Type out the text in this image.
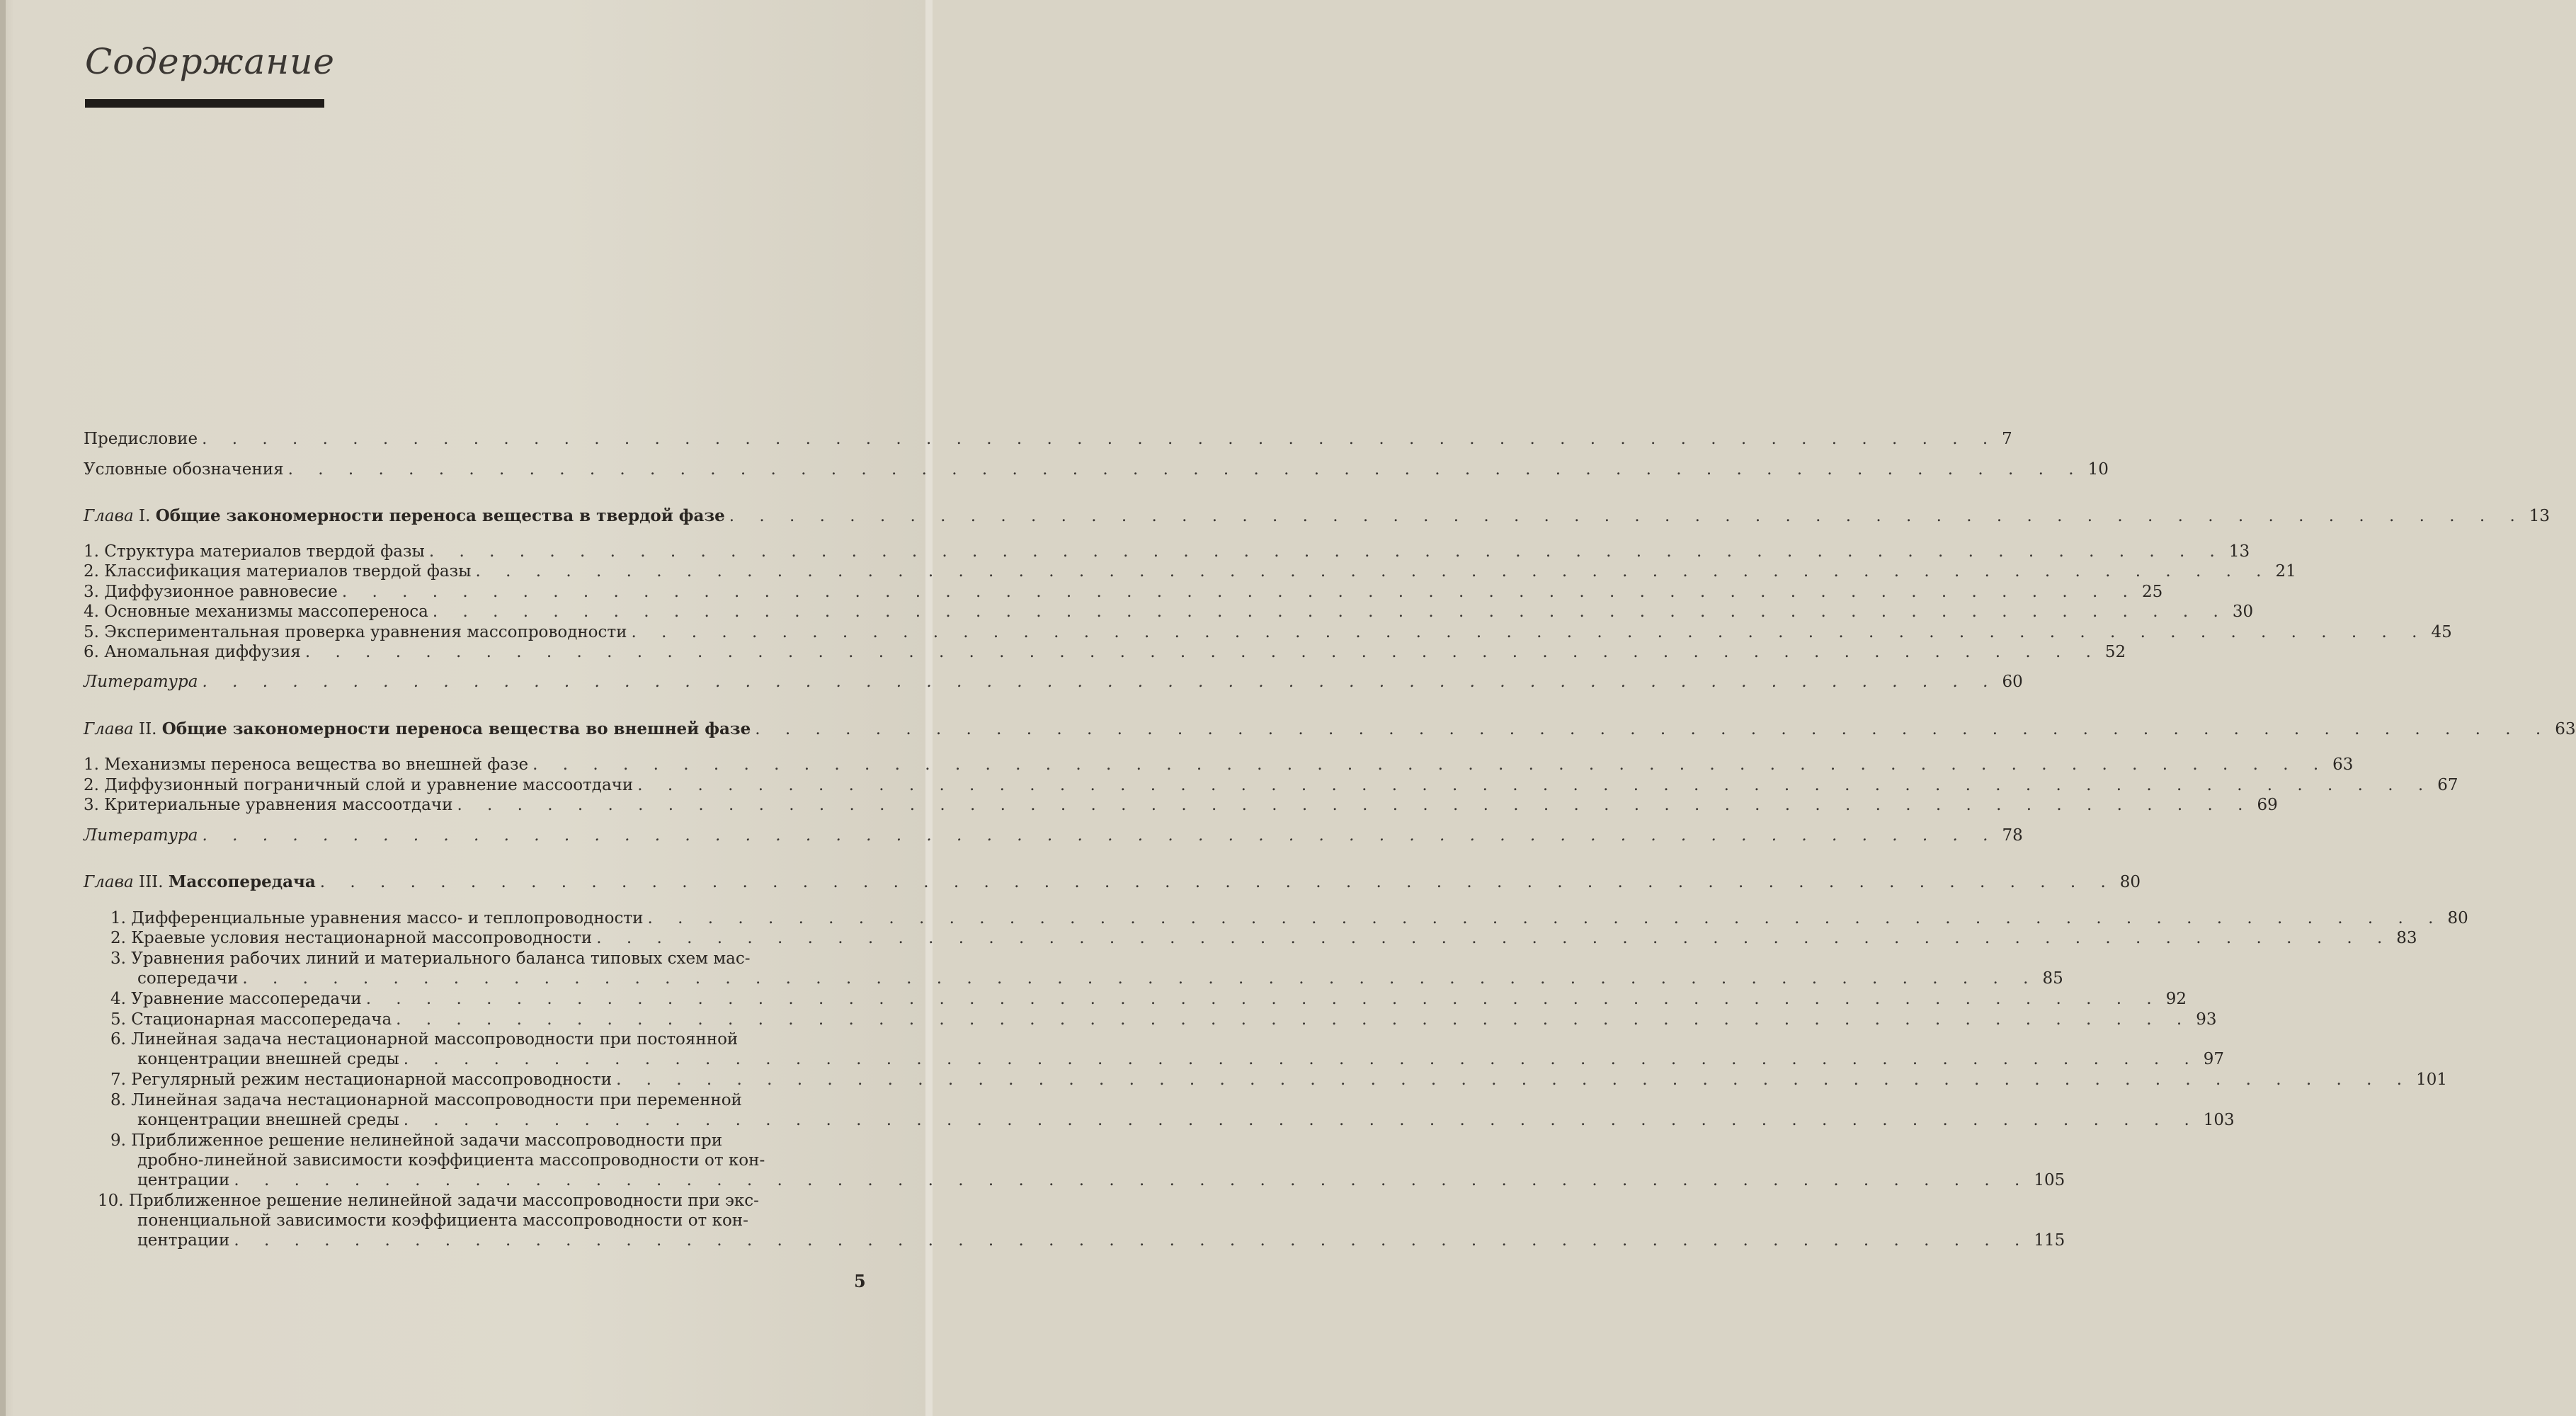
Содержание
Предисловие . . . . . . . . . . . . . . . . . . . . . . . . . . . . . . . . . . . . . . . . . . . . . . . . . . . . . . . . . . . . 7
Условные обозначения . . . . . . . . . . . . . . . . . . . . . . . . . . . . . . . . . . . . . . . . . . . . . . . . . . . . . . . . . . . . 10
Глава I. Общие закономерности переноса вещества в твердой фазе . . . . . . . . . . . . . . . . . . . . . . . . . . . . . . . . . . . . . . . . . . . . . . . . . . . . . . . . . . . . 13
1. Структура материалов твердой фазы . . . . . . . . . . . . . . . . . . . . . . . . . . . . . . . . . . . . . . . . . . . . . . . . . . . . . . . . . . . . 13
2. Классификация материалов твердой фазы . . . . . . . . . . . . . . . . . . . . . . . . . . . . . . . . . . . . . . . . . . . . . . . . . . . . . . . . . . . . 21
3. Диффузионное равновесие . . . . . . . . . . . . . . . . . . . . . . . . . . . . . . . . . . . . . . . . . . . . . . . . . . . . . . . . . . . . 25
4. Основные механизмы массопереноса . . . . . . . . . . . . . . . . . . . . . . . . . . . . . . . . . . . . . . . . . . . . . . . . . . . . . . . . . . . . 30
5. Экспериментальная проверка уравнения массопроводности . . . . . . . . . . . . . . . . . . . . . . . . . . . . . . . . . . . . . . . . . . . . . . . . . . . . . . . . . . . . 45
6. Аномальная диффузия . . . . . . . . . . . . . . . . . . . . . . . . . . . . . . . . . . . . . . . . . . . . . . . . . . . . . . . . . . . . 52
Литература . . . . . . . . . . . . . . . . . . . . . . . . . . . . . . . . . . . . . . . . . . . . . . . . . . . . . . . . . . . . 60
Глава II. Общие закономерности переноса вещества во внешней фазе . . . . . . . . . . . . . . . . . . . . . . . . . . . . . . . . . . . . . . . . . . . . . . . . . . . . . . . . . . . . 63
1. Механизмы переноса вещества во внешней фазе . . . . . . . . . . . . . . . . . . . . . . . . . . . . . . . . . . . . . . . . . . . . . . . . . . . . . . . . . . . . 63
2. Диффузионный пограничный слой и уравнение массоотдачи . . . . . . . . . . . . . . . . . . . . . . . . . . . . . . . . . . . . . . . . . . . . . . . . . . . . . . . . . . . . 67
3. Критериальные уравнения массоотдачи . . . . . . . . . . . . . . . . . . . . . . . . . . . . . . . . . . . . . . . . . . . . . . . . . . . . . . . . . . . . 69
Литература . . . . . . . . . . . . . . . . . . . . . . . . . . . . . . . . . . . . . . . . . . . . . . . . . . . . . . . . . . . . 78
Глава III. Массопередача . . . . . . . . . . . . . . . . . . . . . . . . . . . . . . . . . . . . . . . . . . . . . . . . . . . . . . . . . . . . 80
1. Дифференциальные уравнения массо- и теплопроводности . . . . . . . . . . . . . . . . . . . . . . . . . . . . . . . . . . . . . . . . . . . . . . . . . . . . . . . . . . . . 80
2. Краевые условия нестационарной массопроводности . . . . . . . . . . . . . . . . . . . . . . . . . . . . . . . . . . . . . . . . . . . . . . . . . . . . . . . . . . . . 83
3. Уравнения рабочих линий и материального баланса типовых схем мас-
сопередачи . . . . . . . . . . . . . . . . . . . . . . . . . . . . . . . . . . . . . . . . . . . . . . . . . . . . . . . . . . . . 85
4. Уравнение массопередачи . . . . . . . . . . . . . . . . . . . . . . . . . . . . . . . . . . . . . . . . . . . . . . . . . . . . . . . . . . . . 92
5. Стационарная массопередача . . . . . . . . . . . . . . . . . . . . . . . . . . . . . . . . . . . . . . . . . . . . . . . . . . . . . . . . . . . . 93
6. Линейная задача нестационарной массопроводности при постоянной
концентрации внешней среды . . . . . . . . . . . . . . . . . . . . . . . . . . . . . . . . . . . . . . . . . . . . . . . . . . . . . . . . . . . . 97
7. Регулярный режим нестационарной массопроводности . . . . . . . . . . . . . . . . . . . . . . . . . . . . . . . . . . . . . . . . . . . . . . . . . . . . . . . . . . . . 101
8. Линейная задача нестационарной массопроводности при переменной
концентрации внешней среды . . . . . . . . . . . . . . . . . . . . . . . . . . . . . . . . . . . . . . . . . . . . . . . . . . . . . . . . . . . . 103
9. Приближенное решение нелинейной задачи массопроводности при
дробно-линейной зависимости коэффициента массопроводности от кон-
центрации . . . . . . . . . . . . . . . . . . . . . . . . . . . . . . . . . . . . . . . . . . . . . . . . . . . . . . . . . . . . 105
10. Приближенное решение нелинейной задачи массопроводности при экс-
поненциальной зависимости коэффициента массопроводности от кон-
центрации . . . . . . . . . . . . . . . . . . . . . . . . . . . . . . . . . . . . . . . . . . . . . . . . . . . . . . . . . . . . 115
5
